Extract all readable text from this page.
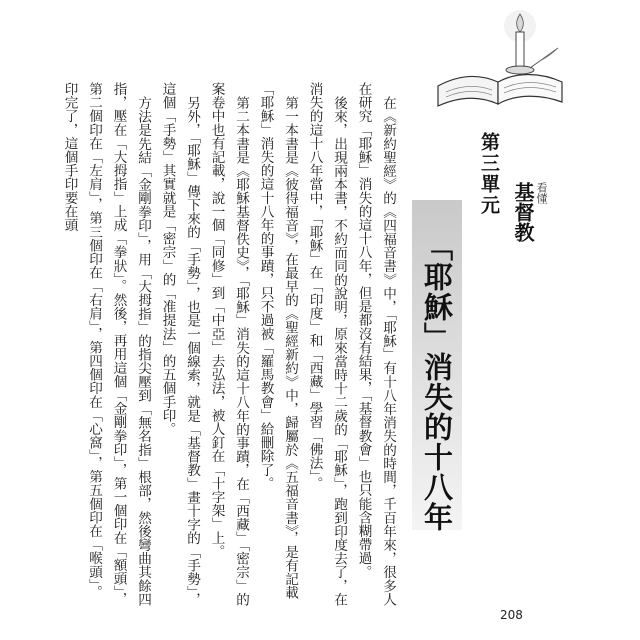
第三單元
「耶穌」消失的十八年
看懂
基督教

在《新約聖經》的《四福音書》中，「耶穌」有十八年消失的時間，千百年來，很多人在研究「耶穌」消失的這十八年，但是都沒有結果，「基督教會」也只能含糊帶過。

後來，出現兩本書，不約而同的說明，原來當時十二歲的「耶穌」，跑到印度去了，在消失的這十八年當中，「耶穌」在「印度」和「西藏」學習「佛法」。

第一本書是《彼得福音》，在最早的《聖經新約》中，歸屬於《五福音書》，是有記載「耶穌」消失的這十八年的事蹟，只不過被「羅馬教會」給刪除了。

第二本書是《耶穌基督佚史》，「耶穌」消失的這十八年的事蹟，在「西藏」「密宗」的案卷中也有記載，說一個「同修」到「中亞」去弘法，被人釘在「十字架」上。

另外，「耶穌」傳下來的「手勢」，也是一個線索，就是「基督教」畫十字的「手勢」，這個「手勢」其實就是「密宗」的「准提法」的五個手印。

方法是先結「金剛拳印」，用「大拇指」的指尖壓到「無名指」根部，然後彎曲其餘四指，壓在「大拇指」上成「拳狀」。然後，再用這個「金剛拳印」，第一個印在「額頭」，第二個印在「左肩」，第三個印在「右肩」，第四個印在「心窩」，第五個印在「喉頭」。印完了，這個手印要在頭

208
